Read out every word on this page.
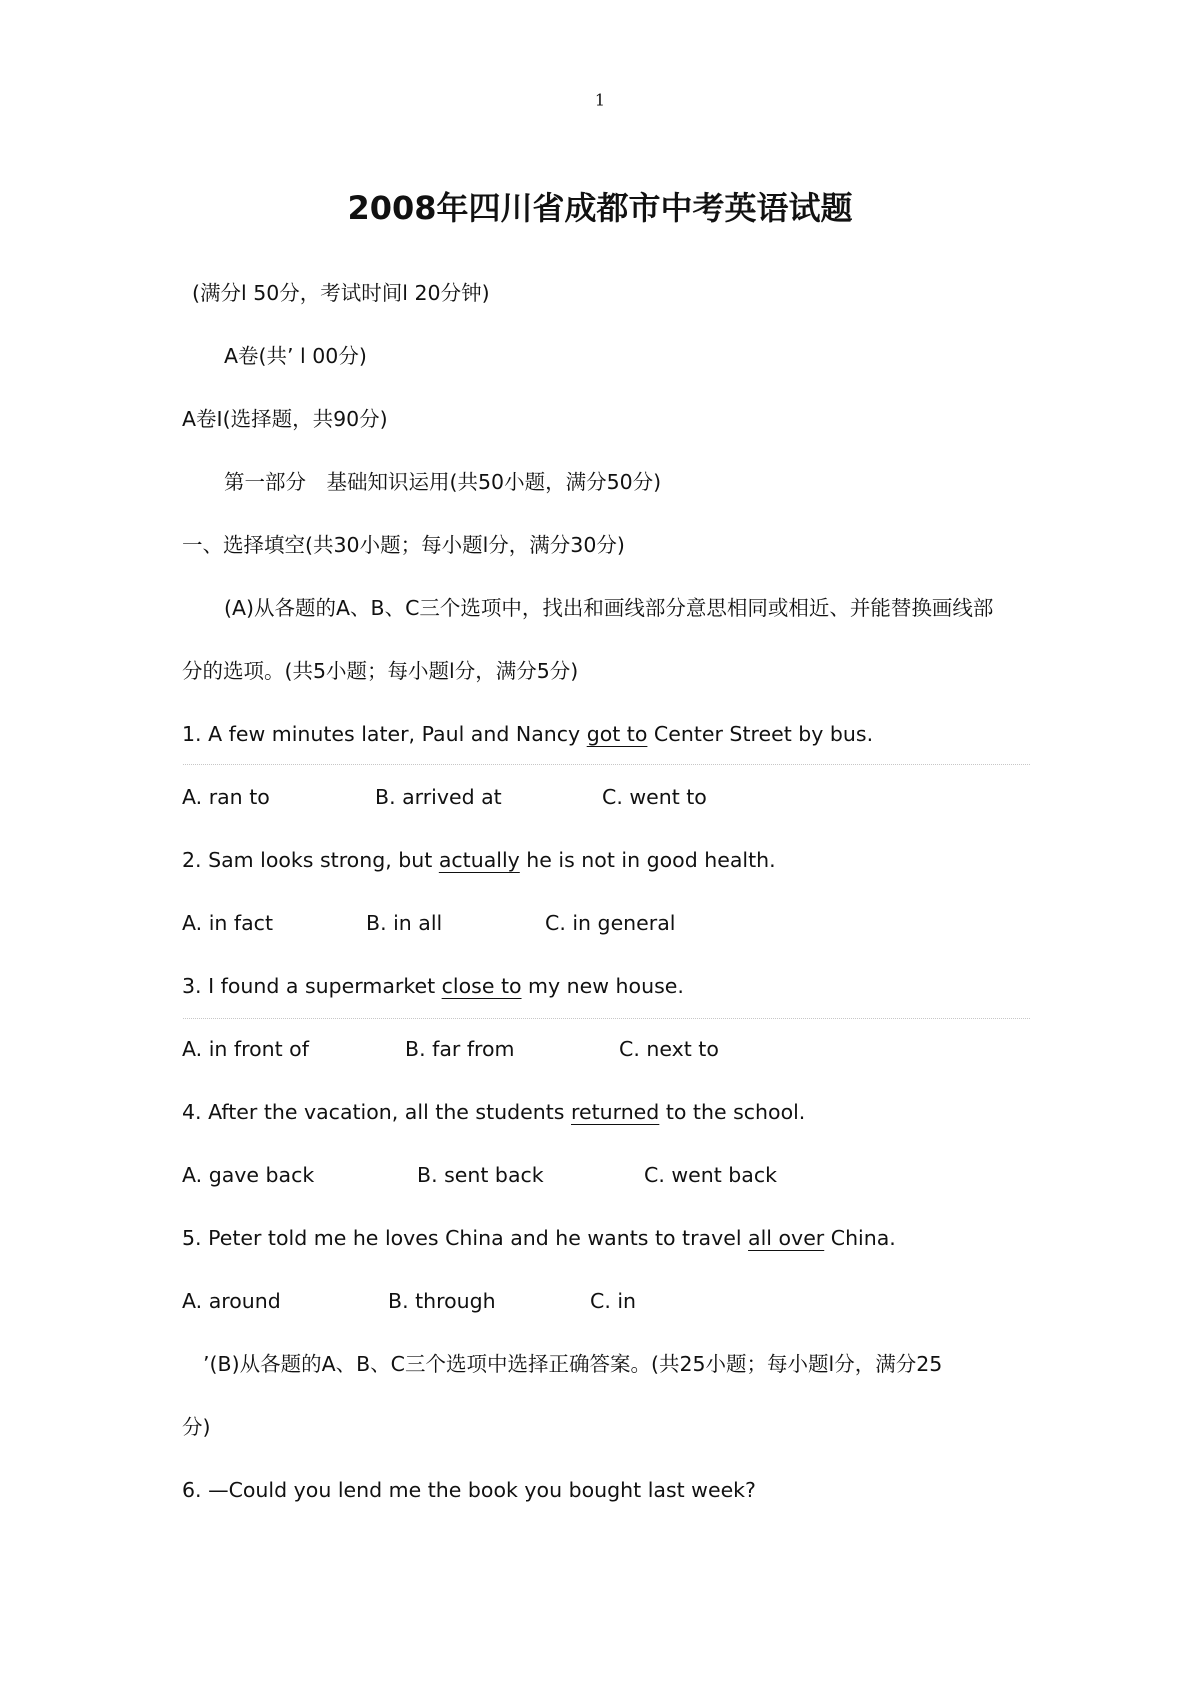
1
2008年四川省成都市中考英语试题

(满分l 50分，考试时间l 20分钟)

A卷(共’ l 00分)

A卷I(选择题，共90分)

第一部分　基础知识运用(共50小题，满分50分)

一、选择填空(共30小题；每小题l分，满分30分)

(A)从各题的A、B、C三个选项中，找出和画线部分意思相同或相近、并能替换画线部

分的选项。(共5小题；每小题l分，满分5分)

1. A few minutes later, Paul and Nancy got to Center Street by bus.

A. ran to	B. arrived at	C. went to

2. Sam looks strong, but actually he is not in good health.

A. in fact	B. in all	C. in general

3. I found a supermarket close to my new house.

A. in front of	B. far from	C. next to

4. After the vacation, all the students returned to the school.

A. gave back	B. sent back	C. went back

5. Peter told me he loves China and he wants to travel all over China.

A. around	B. through	C. in

’(B)从各题的A、B、C三个选项中选择正确答案。(共25小题；每小题l分，满分25

分)

6. —Could you lend me the book you bought last week?
